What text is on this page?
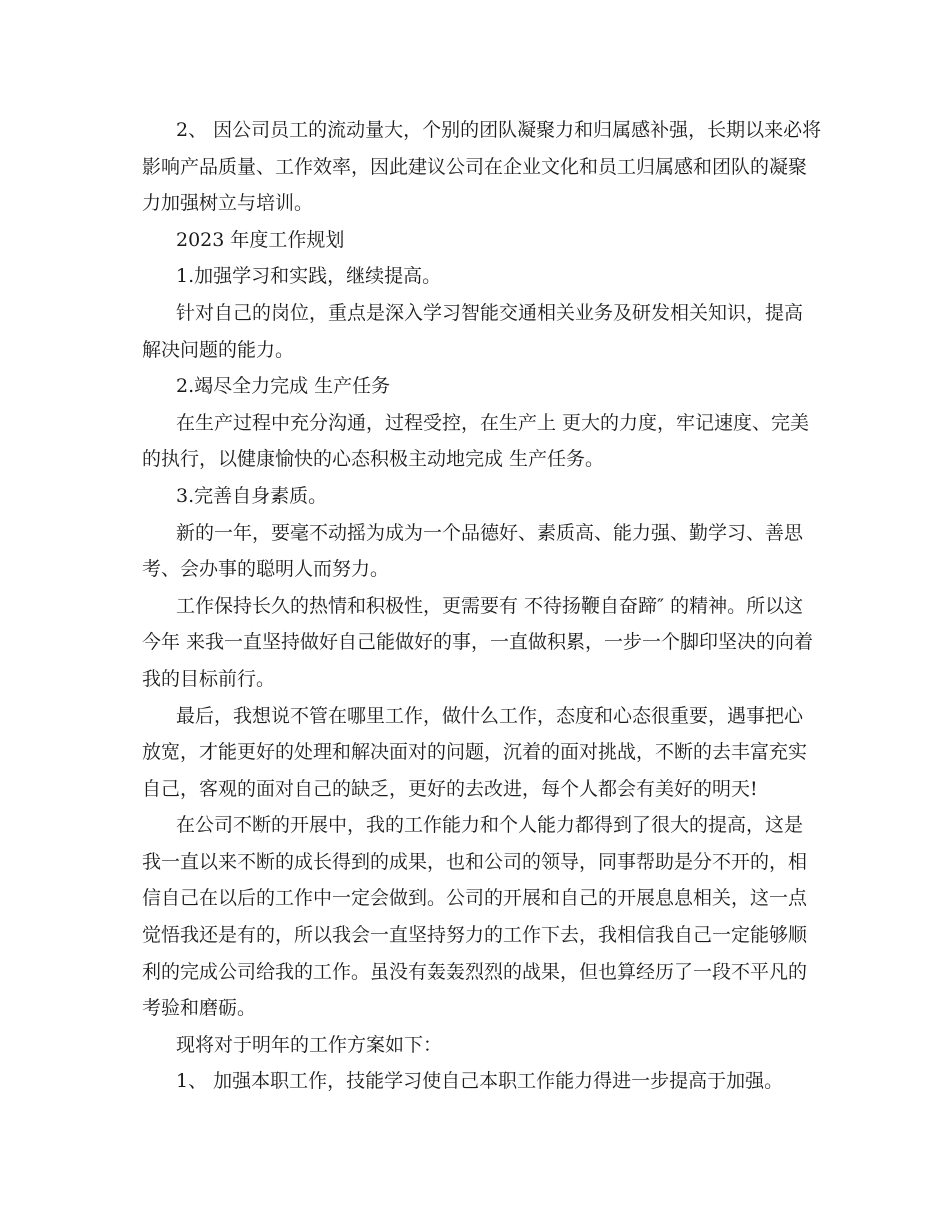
2、 因公司员工的流动量大，个别的团队凝聚力和归属感补强，长期以来必将
影响产品质量、工作效率，因此建议公司在企业文化和员工归属感和团队的凝聚
力加强树立与培训。

2023 年度工作规划

1.加强学习和实践，继续提高。

针对自己的岗位，重点是深入学习智能交通相关业务及研发相关知识，提高
解决问题的能力。

2.竭尽全力完成 生产任务

在生产过程中充分沟通，过程受控，在生产上 更大的力度，牢记速度、完美
的执行，以健康愉快的心态积极主动地完成 生产任务。

3.完善自身素质。

新的一年，要毫不动摇为成为一个品德好、素质高、能力强、勤学习、善思
考、会办事的聪明人而努力。

工作保持长久的热情和积极性，更需要有 不待扬鞭自奋蹄″ 的精神。所以这
今年 来我一直坚持做好自己能做好的事，一直做积累，一步一个脚印坚决的向着
我的目标前行。

最后，我想说不管在哪里工作，做什么工作，态度和心态很重要，遇事把心
放宽，才能更好的处理和解决面对的问题，沉着的面对挑战，不断的去丰富充实
自己，客观的面对自己的缺乏，更好的去改进，每个人都会有美好的明天!

在公司不断的开展中，我的工作能力和个人能力都得到了很大的提高，这是
我一直以来不断的成长得到的成果，也和公司的领导，同事帮助是分不开的，相
信自己在以后的工作中一定会做到。公司的开展和自己的开展息息相关，这一点
觉悟我还是有的，所以我会一直坚持努力的工作下去，我相信我自己一定能够顺
利的完成公司给我的工作。虽没有轰轰烈烈的战果，但也算经历了一段不平凡的
考验和磨砺。

现将对于明年的工作方案如下：

1、 加强本职工作，技能学习使自己本职工作能力得进一步提高于加强。
